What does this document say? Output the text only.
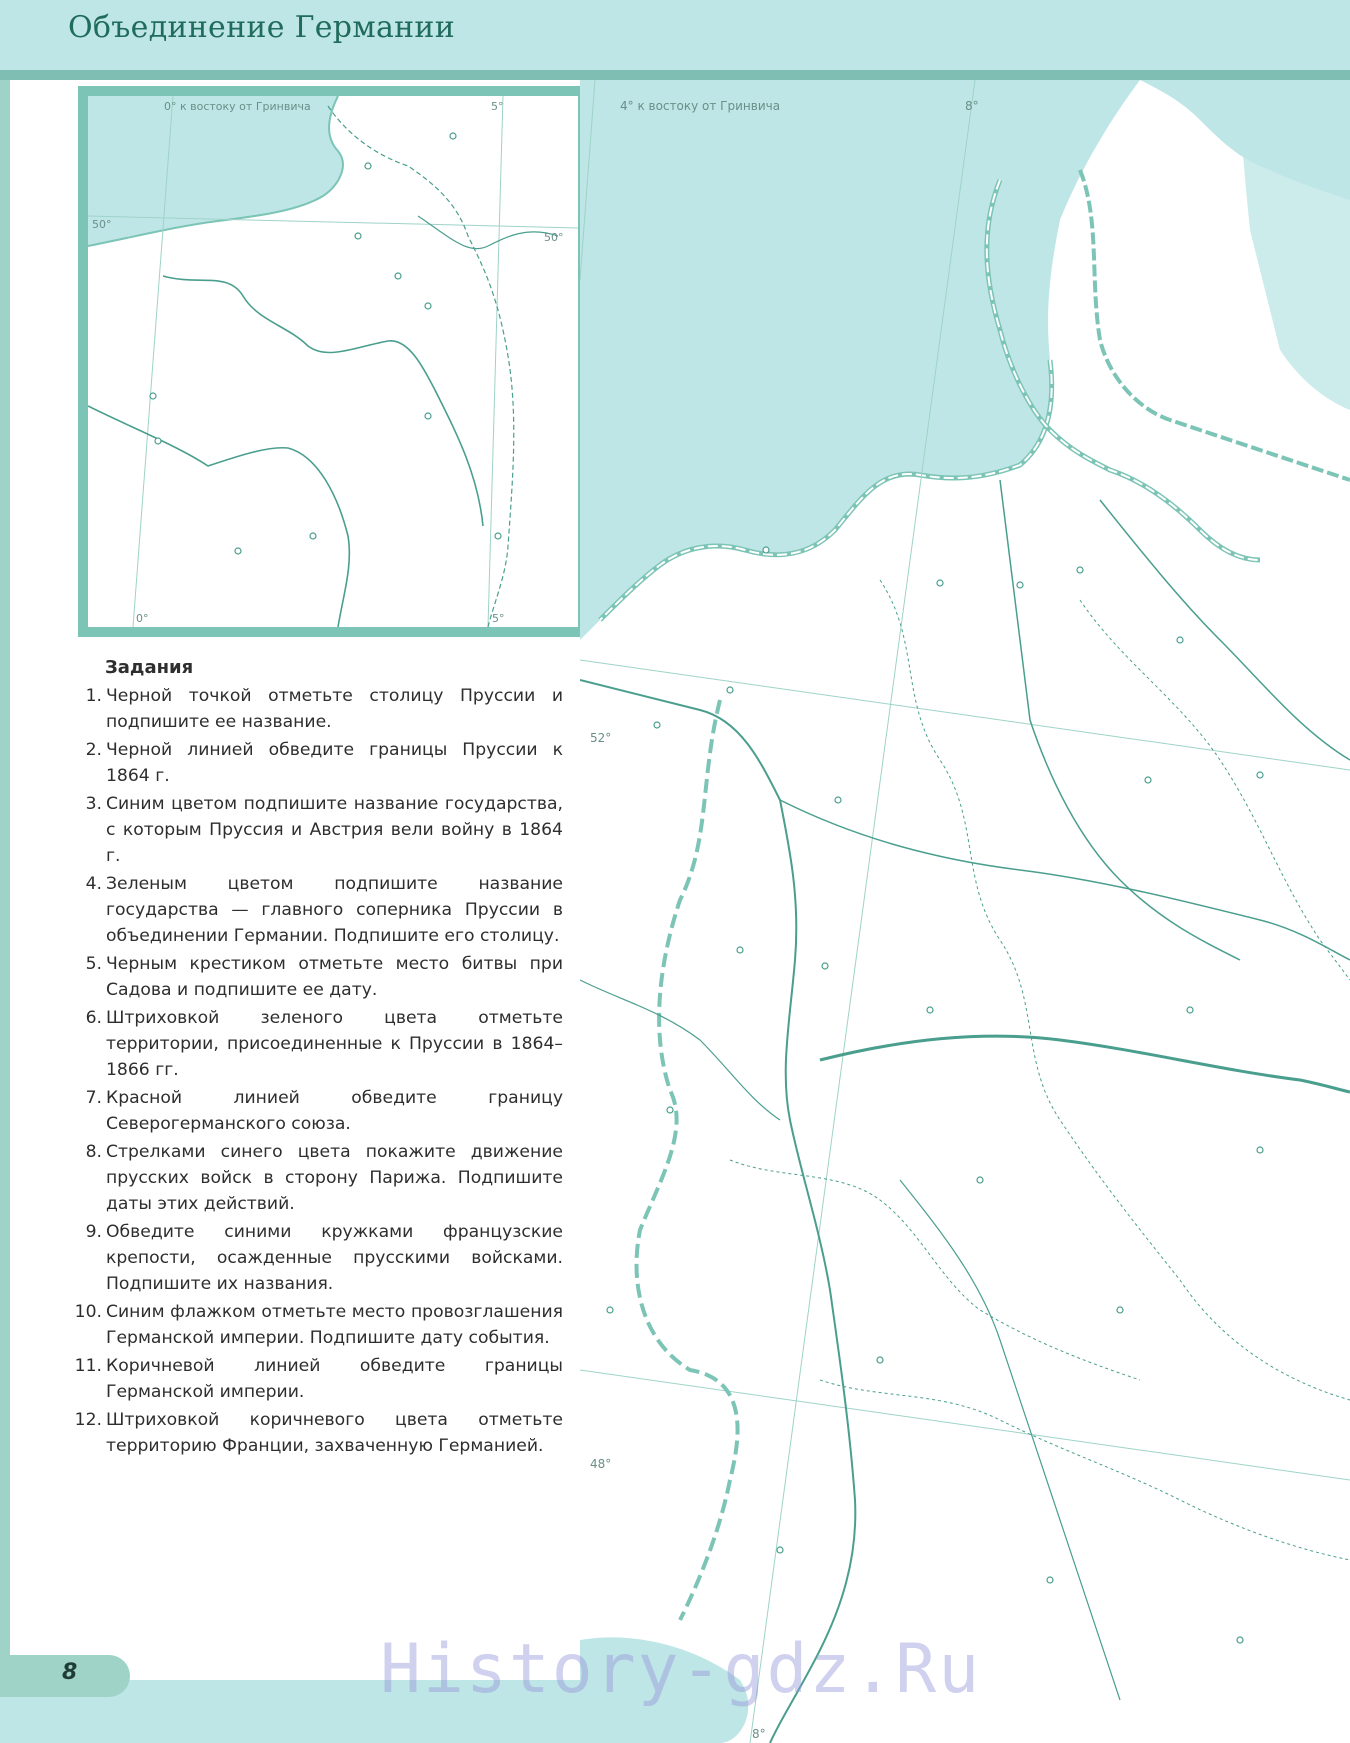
Объединение Германии
0° к востоку от Гринвича	5°
50°
50°
0°	5°
4° к востоку от Гринвича	8°
52°
48°
8°
Задания
1. Черной точкой отметьте столицу Пруссии и подпишите ее название.
2. Черной линией обведите границы Пруссии к 1864 г.
3. Синим цветом подпишите название государства, с которым Пруссия и Австрия вели войну в 1864 г.
4. Зеленым цветом подпишите название государства — главного соперника Пруссии в объединении Германии. Подпишите его столицу.
5. Черным крестиком отметьте место битвы при Садова и подпишите ее дату.
6. Штриховкой зеленого цвета отметьте территории, присоединенные к Пруссии в 1864–1866 гг.
7. Красной линией обведите границу Северогерманского союза.
8. Стрелками синего цвета покажите движение прусских войск в сторону Парижа. Подпишите даты этих действий.
9. Обведите синими кружками французские крепости, осажденные прусскими войсками. Подпишите их названия.
10. Синим флажком отметьте место провозглашения Германской империи. Подпишите дату события.
11. Коричневой линией обведите границы Германской империи.
12. Штриховкой коричневого цвета отметьте территорию Франции, захваченную Германией.
8	History-gdz.Ru
